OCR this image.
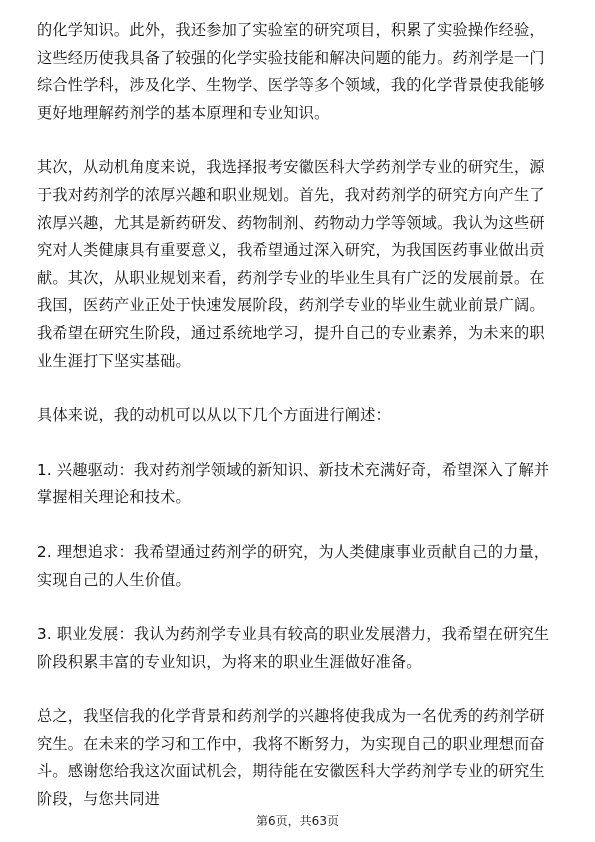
的化学知识。此外，我还参加了实验室的研究项目，积累了实验操作经验，这些经历使我具备了较强的化学实验技能和解决问题的能力。药剂学是一门综合性学科，涉及化学、生物学、医学等多个领域，我的化学背景使我能够更好地理解药剂学的基本原理和专业知识。

其次，从动机角度来说，我选择报考安徽医科大学药剂学专业的研究生，源于我对药剂学的浓厚兴趣和职业规划。首先，我对药剂学的研究方向产生了浓厚兴趣，尤其是新药研发、药物制剂、药物动力学等领域。我认为这些研究对人类健康具有重要意义，我希望通过深入研究，为我国医药事业做出贡献。其次，从职业规划来看，药剂学专业的毕业生具有广泛的发展前景。在我国，医药产业正处于快速发展阶段，药剂学专业的毕业生就业前景广阔。我希望在研究生阶段，通过系统地学习，提升自己的专业素养，为未来的职业生涯打下坚实基础。

具体来说，我的动机可以从以下几个方面进行阐述：

1. 兴趣驱动：我对药剂学领域的新知识、新技术充满好奇，希望深入了解并掌握相关理论和技术。

2. 理想追求：我希望通过药剂学的研究，为人类健康事业贡献自己的力量，实现自己的人生价值。

3. 职业发展：我认为药剂学专业具有较高的职业发展潜力，我希望在研究生阶段积累丰富的专业知识，为将来的职业生涯做好准备。

总之，我坚信我的化学背景和药剂学的兴趣将使我成为一名优秀的药剂学研究生。在未来的学习和工作中，我将不断努力，为实现自己的职业理想而奋斗。感谢您给我这次面试机会，期待能在安徽医科大学药剂学专业的研究生阶段，与您共同进

第6页，共63页
